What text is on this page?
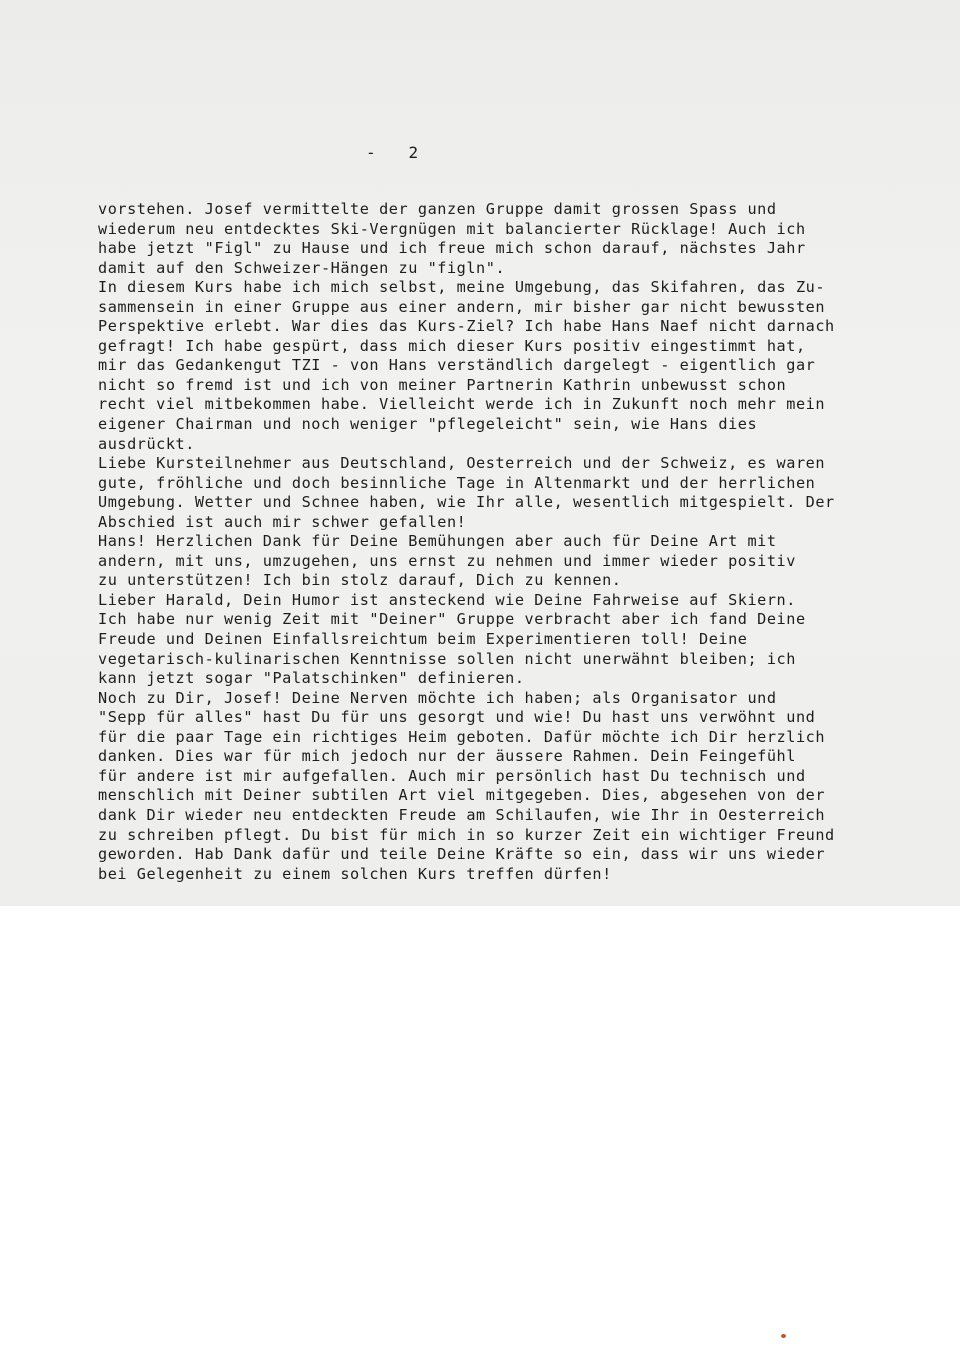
-   2
vorstehen. Josef vermittelte der ganzen Gruppe damit grossen Spass und
wiederum neu entdecktes Ski-Vergnügen mit balancierter Rücklage! Auch ich
habe jetzt "Figl" zu Hause und ich freue mich schon darauf, nächstes Jahr
damit auf den Schweizer-Hängen zu "figln".
In diesem Kurs habe ich mich selbst, meine Umgebung, das Skifahren, das Zu-
sammensein in einer Gruppe aus einer andern, mir bisher gar nicht bewussten
Perspektive erlebt. War dies das Kurs-Ziel? Ich habe Hans Naef nicht darnach
gefragt! Ich habe gespürt, dass mich dieser Kurs positiv eingestimmt hat,
mir das Gedankengut TZI - von Hans verständlich dargelegt - eigentlich gar
nicht so fremd ist und ich von meiner Partnerin Kathrin unbewusst schon
recht viel mitbekommen habe. Vielleicht werde ich in Zukunft noch mehr mein
eigener Chairman und noch weniger "pflegeleicht" sein, wie Hans dies
ausdrückt.
Liebe Kursteilnehmer aus Deutschland, Oesterreich und der Schweiz, es waren
gute, fröhliche und doch besinnliche Tage in Altenmarkt und der herrlichen
Umgebung. Wetter und Schnee haben, wie Ihr alle, wesentlich mitgespielt. Der
Abschied ist auch mir schwer gefallen!
Hans! Herzlichen Dank für Deine Bemühungen aber auch für Deine Art mit
andern, mit uns, umzugehen, uns ernst zu nehmen und immer wieder positiv
zu unterstützen! Ich bin stolz darauf, Dich zu kennen.
Lieber Harald, Dein Humor ist ansteckend wie Deine Fahrweise auf Skiern.
Ich habe nur wenig Zeit mit "Deiner" Gruppe verbracht aber ich fand Deine
Freude und Deinen Einfallsreichtum beim Experimentieren toll! Deine
vegetarisch-kulinarischen Kenntnisse sollen nicht unerwähnt bleiben; ich
kann jetzt sogar "Palatschinken" definieren.
Noch zu Dir, Josef! Deine Nerven möchte ich haben; als Organisator und
"Sepp für alles" hast Du für uns gesorgt und wie! Du hast uns verwöhnt und
für die paar Tage ein richtiges Heim geboten. Dafür möchte ich Dir herzlich
danken. Dies war für mich jedoch nur der äussere Rahmen. Dein Feingefühl
für andere ist mir aufgefallen. Auch mir persönlich hast Du technisch und
menschlich mit Deiner subtilen Art viel mitgegeben. Dies, abgesehen von der
dank Dir wieder neu entdeckten Freude am Schilaufen, wie Ihr in Oesterreich
zu schreiben pflegt. Du bist für mich in so kurzer Zeit ein wichtiger Freund
geworden. Hab Dank dafür und teile Deine Kräfte so ein, dass wir uns wieder
bei Gelegenheit zu einem solchen Kurs treffen dürfen!
